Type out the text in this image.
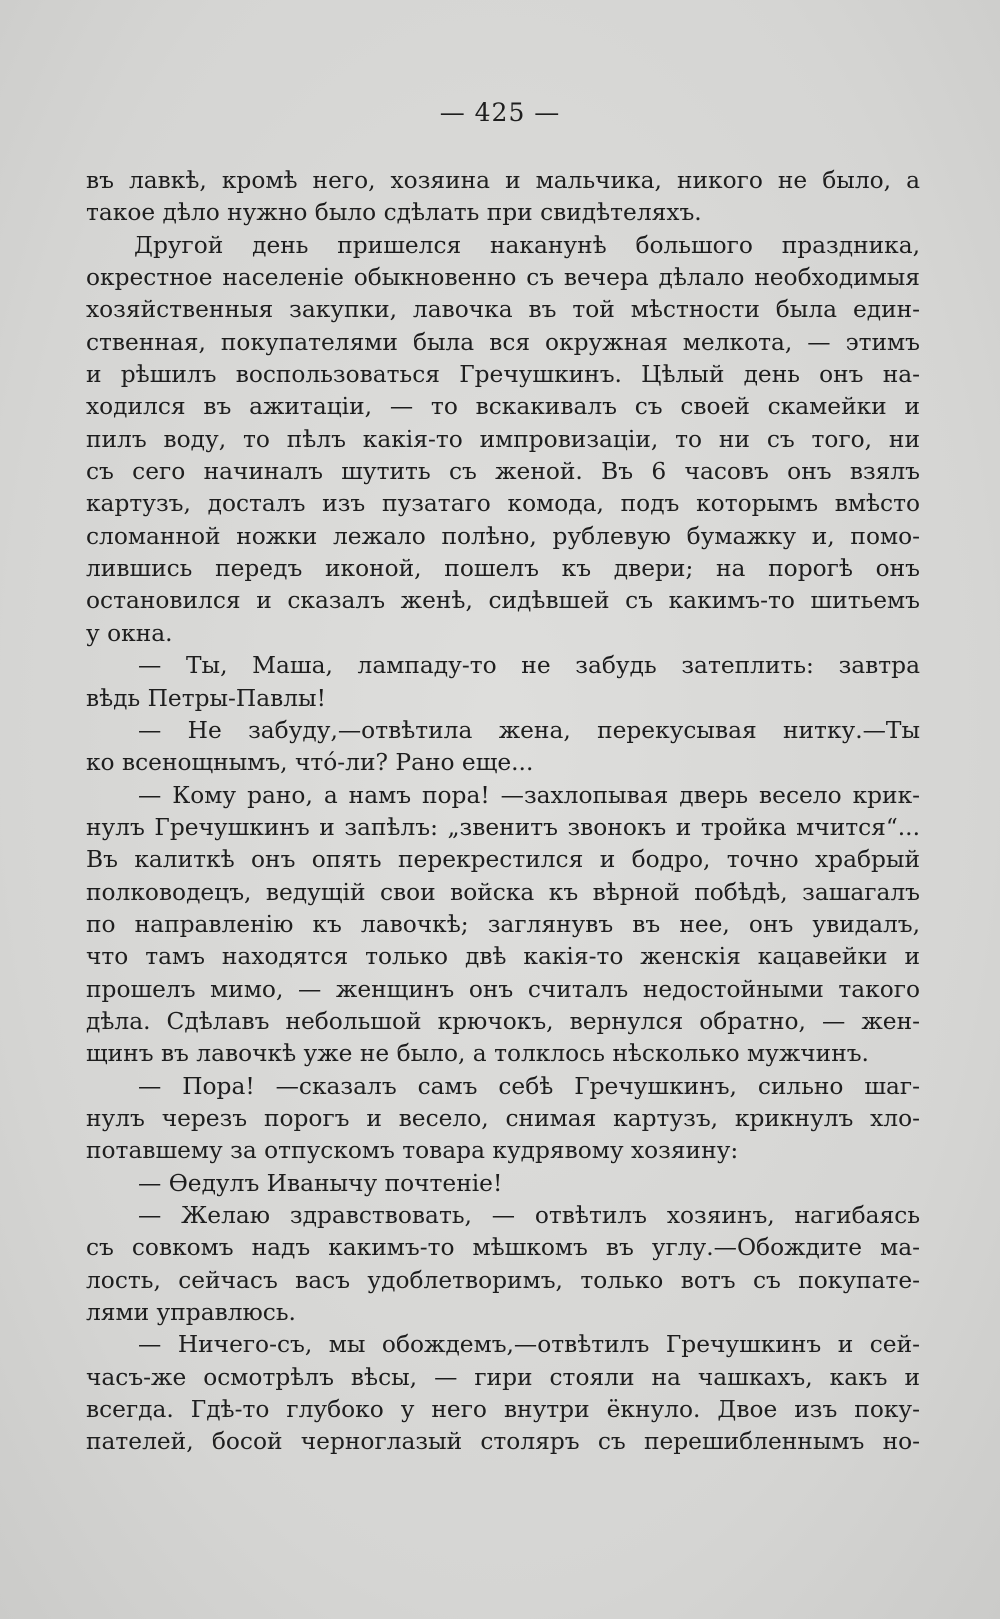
— 425 —

въ лавкѣ, кромѣ него, хозяина и мальчика, никого не было, а
такое дѣло нужно было сдѣлать при свидѣтеляхъ.

Другой день пришелся наканунѣ большого праздника,
окрестное населеніе обыкновенно съ вечера дѣлало необходимыя
хозяйственныя закупки, лавочка въ той мѣстности была един-
ственная, покупателями была вся окружная мелкота, — этимъ
и рѣшилъ воспользоваться Гречушкинъ. Цѣлый день онъ на-
ходился въ ажитаціи, — то вскакивалъ съ своей скамейки и
пилъ воду, то пѣлъ какія-то импровизаціи, то ни съ того, ни
съ сего начиналъ шутить съ женой. Въ 6 часовъ онъ взялъ
картузъ, досталъ изъ пузатаго комода, подъ которымъ вмѣсто
сломанной ножки лежало полѣно, рублевую бумажку и, помо-
лившись передъ иконой, пошелъ къ двери; на порогѣ онъ
остановился и сказалъ женѣ, сидѣвшей съ какимъ-то шитьемъ
у окна.

— Ты, Маша, лампаду-то не забудь затеплить: завтра
вѣдь Петры-Павлы!

— Не забуду,—отвѣтила жена, перекусывая нитку.—Ты
ко всенощнымъ, что́-ли? Рано еще...

— Кому рано, а намъ пора! —захлопывая дверь весело крик-
нулъ Гречушкинъ и запѣлъ: „звенитъ звонокъ и тройка мчится“...
Въ калиткѣ онъ опять перекрестился и бодро, точно храбрый
полководецъ, ведущій свои войска къ вѣрной побѣдѣ, зашагалъ
по направленію къ лавочкѣ; заглянувъ въ нее, онъ увидалъ,
что тамъ находятся только двѣ какія-то женскія кацавейки и
прошелъ мимо, — женщинъ онъ считалъ недостойными такого
дѣла. Сдѣлавъ небольшой крючокъ, вернулся обратно, — жен-
щинъ въ лавочкѣ уже не было, а толклось нѣсколько мужчинъ.

— Пора! —сказалъ самъ себѣ Гречушкинъ, сильно шаг-
нулъ черезъ порогъ и весело, снимая картузъ, крикнулъ хло-
потавшему за отпускомъ товара кудрявому хозяину:

— Ѳедулъ Иванычу почтеніе!

— Желаю здравствовать, — отвѣтилъ хозяинъ, нагибаясь
съ совкомъ надъ какимъ-то мѣшкомъ въ углу.—Обождите ма-
лость, сейчасъ васъ удоблетворимъ, только вотъ съ покупате-
лями управлюсь.

— Ничего-съ, мы обождемъ,—отвѣтилъ Гречушкинъ и сей-
часъ-же осмотрѣлъ вѣсы, — гири стояли на чашкахъ, какъ и
всегда. Гдѣ-то глубоко у него внутри ёкнуло. Двое изъ поку-
пателей, босой черноглазый столяръ съ перешибленнымъ но-
